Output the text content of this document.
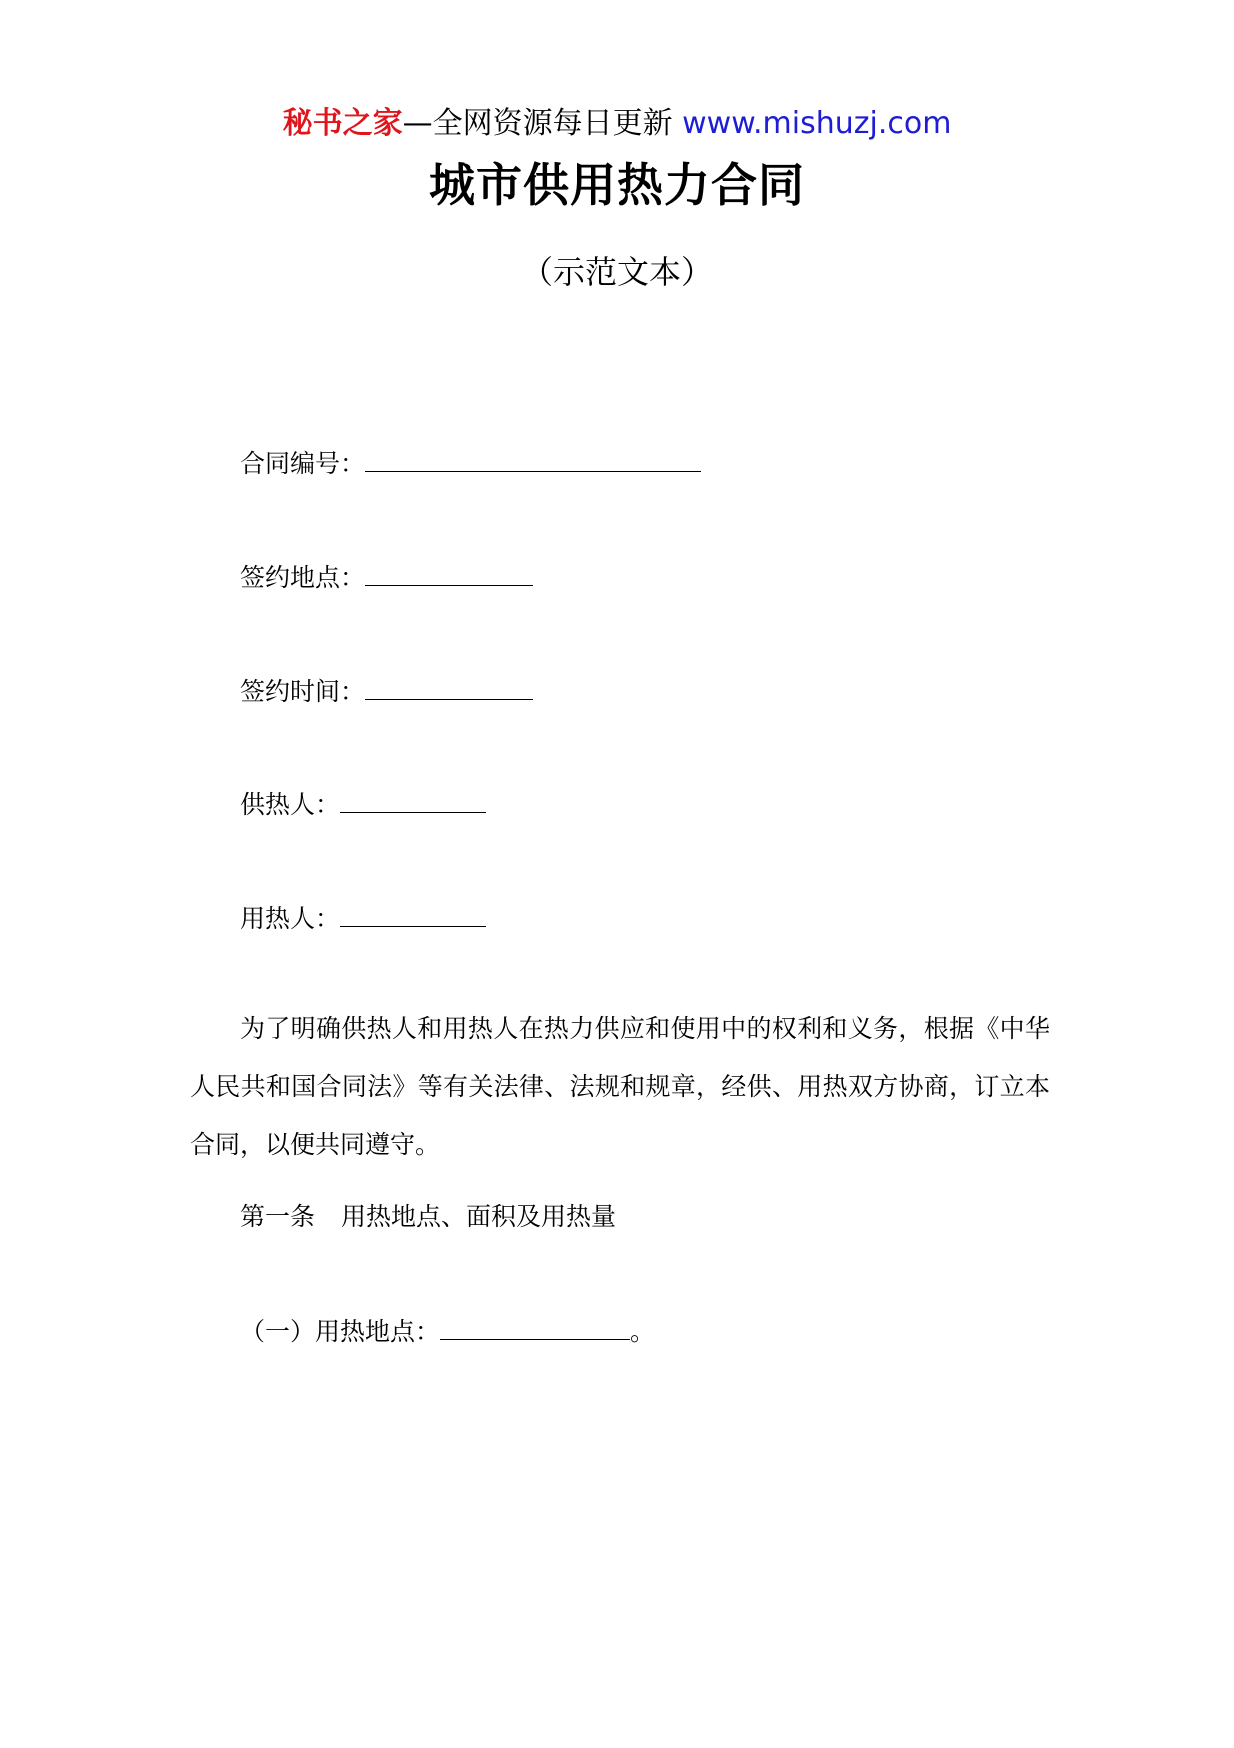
秘书之家—全网资源每日更新 www.mishuzj.com
城市供用热力合同
（示范文本）
合同编号：
签约地点：
签约时间：
供热人：
用热人：
为了明确供热人和用热人在热力供应和使用中的权利和义务，根据《中华人民共和国合同法》等有关法律、法规和规章，经供、用热双方协商，订立本合同，以便共同遵守。
第一条 用热地点、面积及用热量
（一）用热地点：	。
